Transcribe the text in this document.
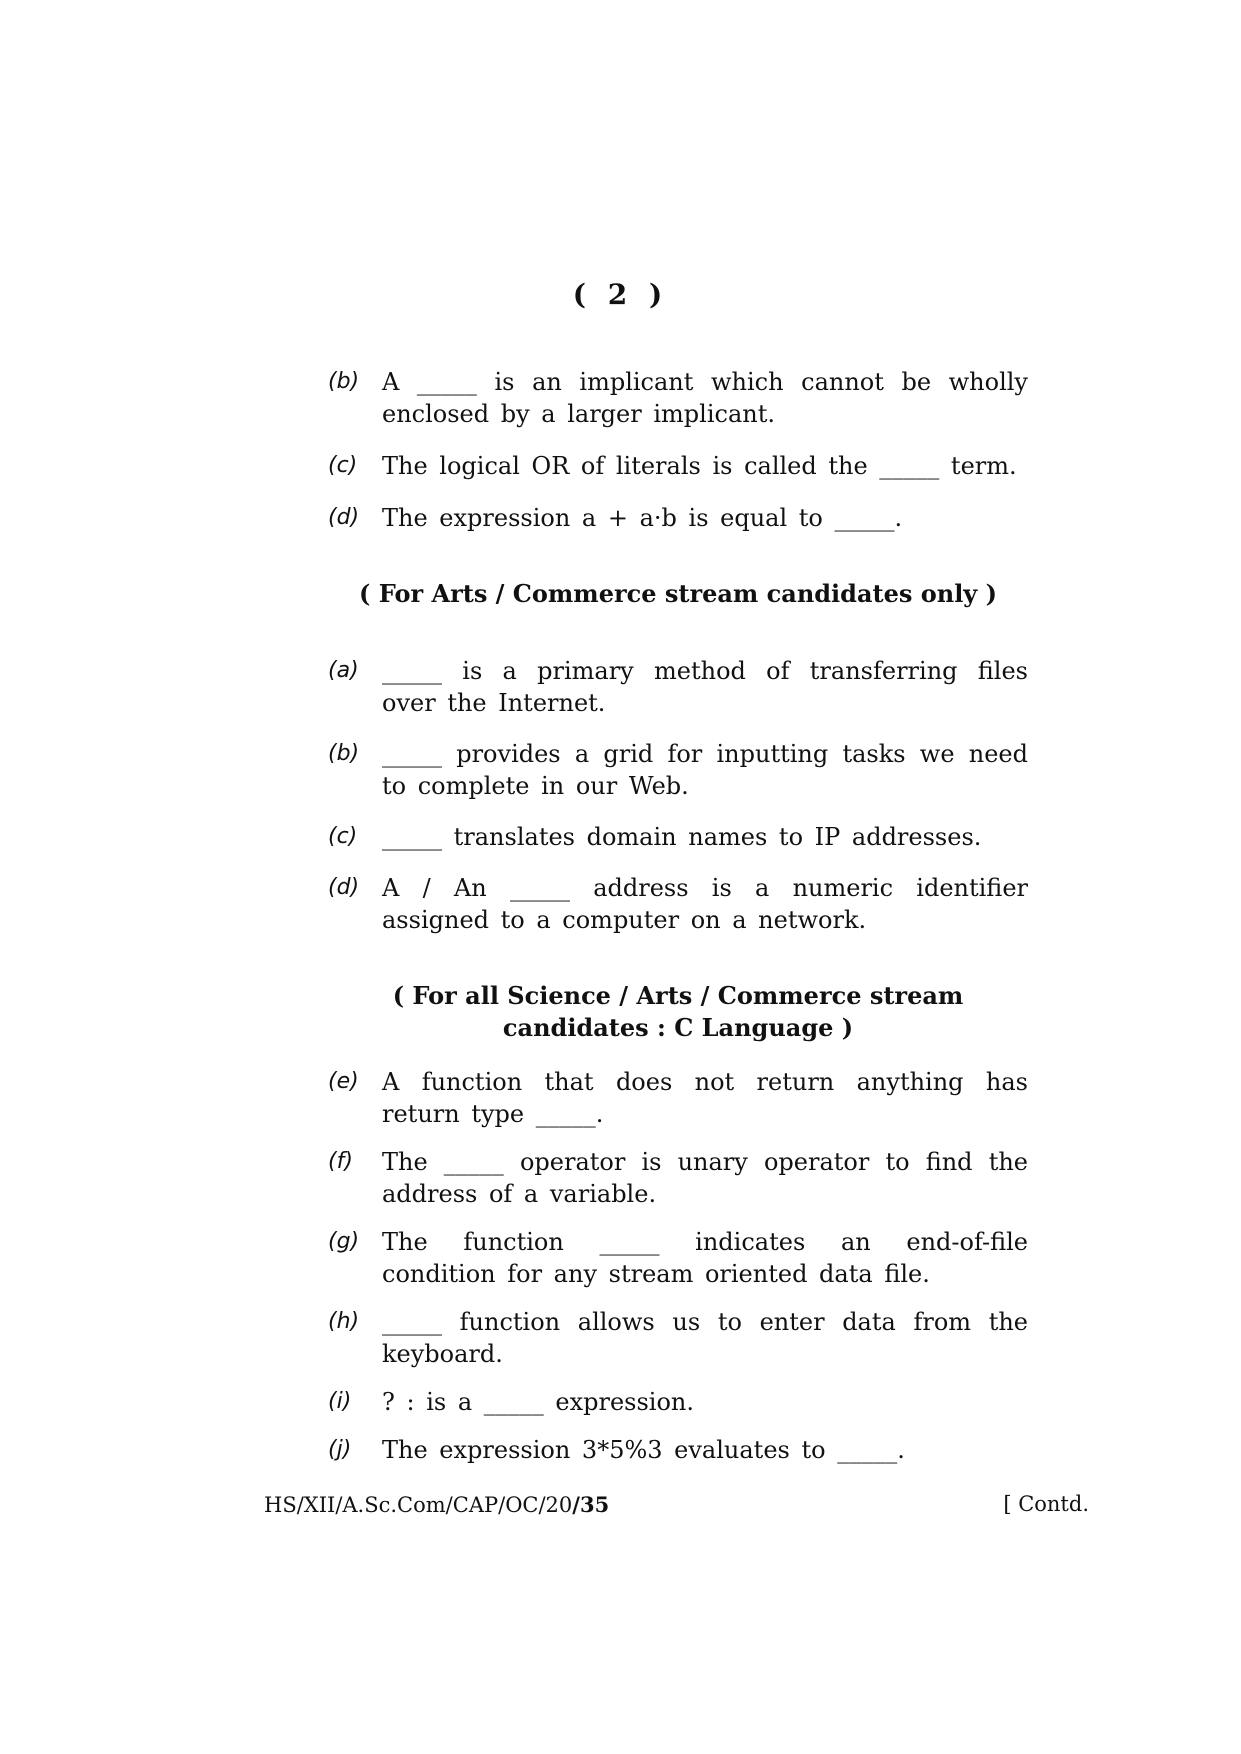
( 2 )
(b) A _____ is an implicant which cannot be wholly enclosed by a larger implicant.
(c)	The logical OR of literals is called the _____ term.
(d) The expression a + a·b is equal to _____.
( For Arts / Commerce stream candidates only )
(a) _____ is a primary method of transferring files over the Internet.
(b) _____ provides a grid for inputting tasks we need to complete in our Web.
(c)	_____ translates domain names to IP addresses.
(d) A / An _____ address is a numeric identifier assigned to a computer on a network.
( For all Science / Arts / Commerce stream candidates : C Language )
(e) A function that does not return anything has return type _____.
(f)	The _____ operator is unary operator to find the address of a variable.
(g) The function _____ indicates an end-of-file condition for any stream oriented data file.
(h) _____ function allows us to enter data from the keyboard.
(i)	? : is a _____ expression.
(j)	The expression 3*5%3 evaluates to _____.
HS/XII/A.Sc.Com/CAP/OC/20/35	[ Contd.
